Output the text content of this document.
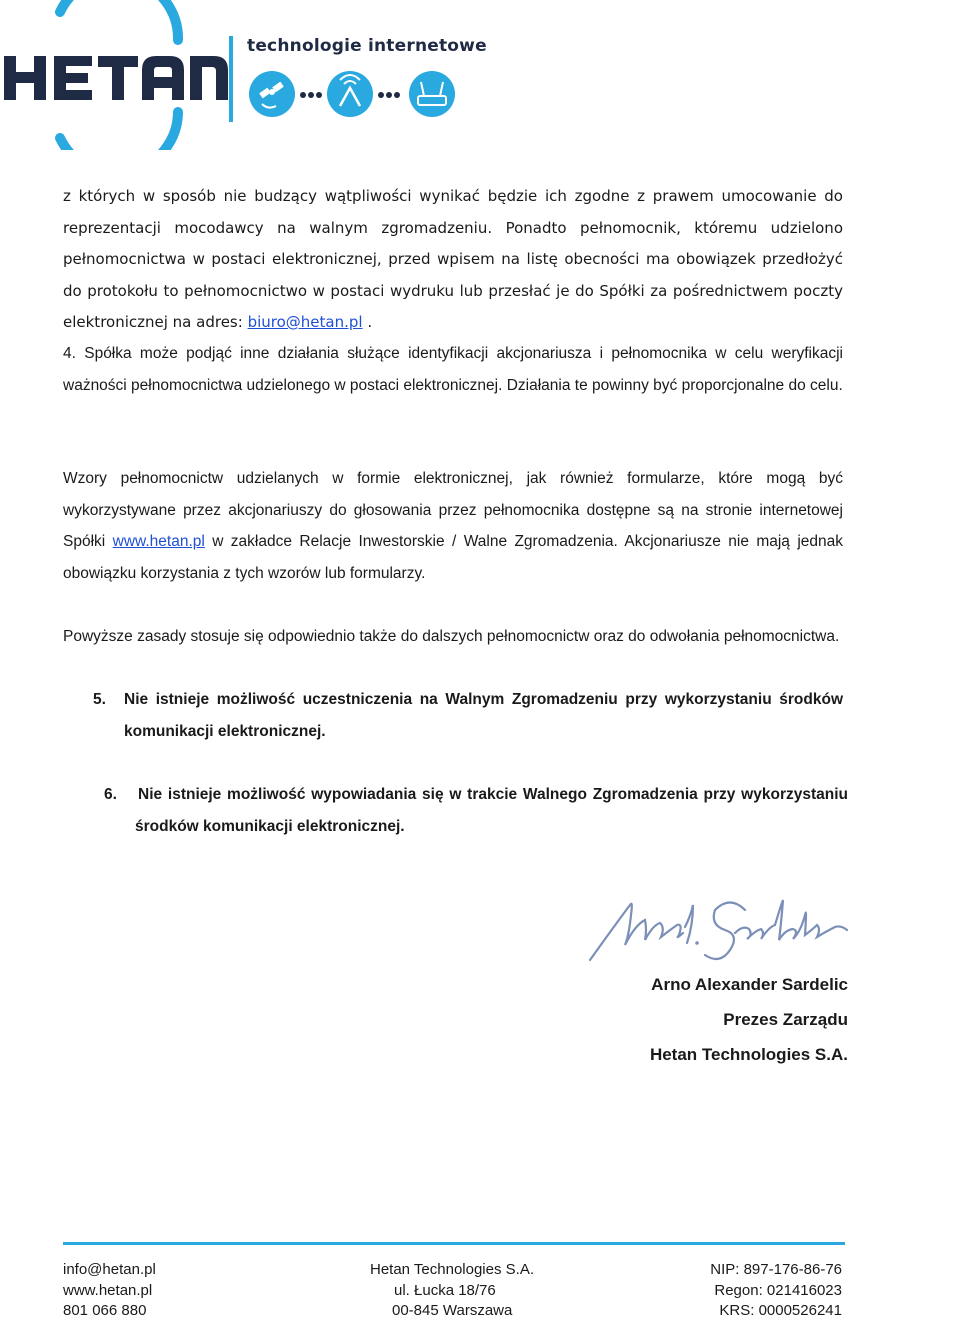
technologie internetowe
z których w sposób nie budzący wątpliwości wynikać będzie ich zgodne z prawem umocowanie do reprezentacji mocodawcy na walnym zgromadzeniu. Ponadto pełnomocnik, któremu udzielono pełnomocnictwa w postaci elektronicznej, przed wpisem na listę obecności ma obowiązek przedłożyć do protokołu to pełnomocnictwo w postaci wydruku lub przesłać je do Spółki za pośrednictwem poczty elektronicznej na adres: biuro@hetan.pl .
4. Spółka może podjąć inne działania służące identyfikacji akcjonariusza i pełnomocnika w celu weryfikacji ważności pełnomocnictwa udzielonego w postaci elektronicznej. Działania te powinny być proporcjonalne do celu.
Wzory pełnomocnictw udzielanych w formie elektronicznej, jak również formularze, które mogą być wykorzystywane przez akcjonariuszy do głosowania przez pełnomocnika dostępne są na stronie internetowej Spółki www.hetan.pl w zakładce Relacje Inwestorskie / Walne Zgromadzenia. Akcjonariusze nie mają jednak obowiązku korzystania z tych wzorów lub formularzy.
Powyższe zasady stosuje się odpowiednio także do dalszych pełnomocnictw oraz do odwołania pełnomocnictwa.
5. Nie istnieje możliwość uczestniczenia na Walnym Zgromadzeniu przy wykorzystaniu środków komunikacji elektronicznej.
6. Nie istnieje możliwość wypowiadania się w trakcie Walnego Zgromadzenia przy wykorzystaniu środków komunikacji elektronicznej.
Arno Alexander Sardelic
Prezes Zarządu
Hetan Technologies S.A.
info@hetan.pl
www.hetan.pl
801 066 880
Hetan Technologies S.A.
ul. Łucka 18/76
00-845 Warszawa
NIP: 897-176-86-76
Regon: 021416023
KRS: 0000526241
